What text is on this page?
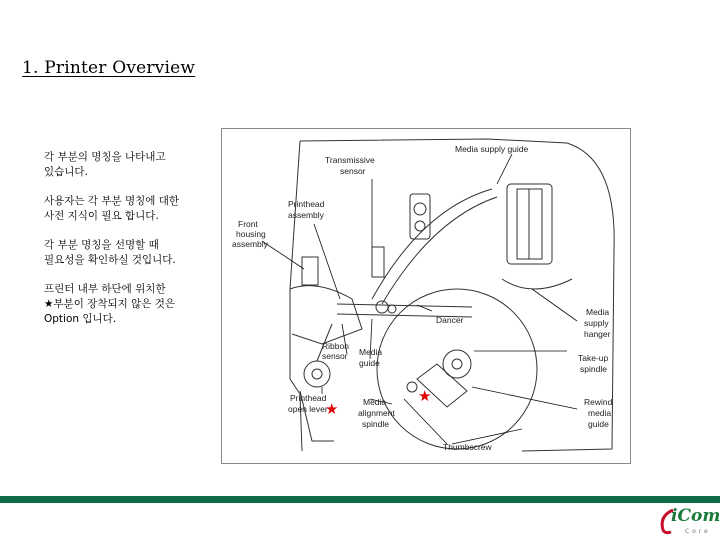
1. Printer Overview

각 부분의 명칭을 나타내고
있습니다.

사용자는 각 부분 명칭에 대한
사전 지식이 필요 합니다.

각 부분 명칭을 선명할 때
필요성을 확인하실 것입니다.

프린터 내부 하단에 위치한
★부분이 장착되지 않은 것은
Option 입니다.

Transmissive
sensor
Media supply guide
Printhead
assembly
Front
housing
assembly
Dancer
Media
supply
hanger
Ribbon
sensor Media
guide	Take-up
spindle
Printhead
open lever
Media
alignment
spindle
Rewind
media
guide
Thumbscrew
★
★
iCom
C o r e
